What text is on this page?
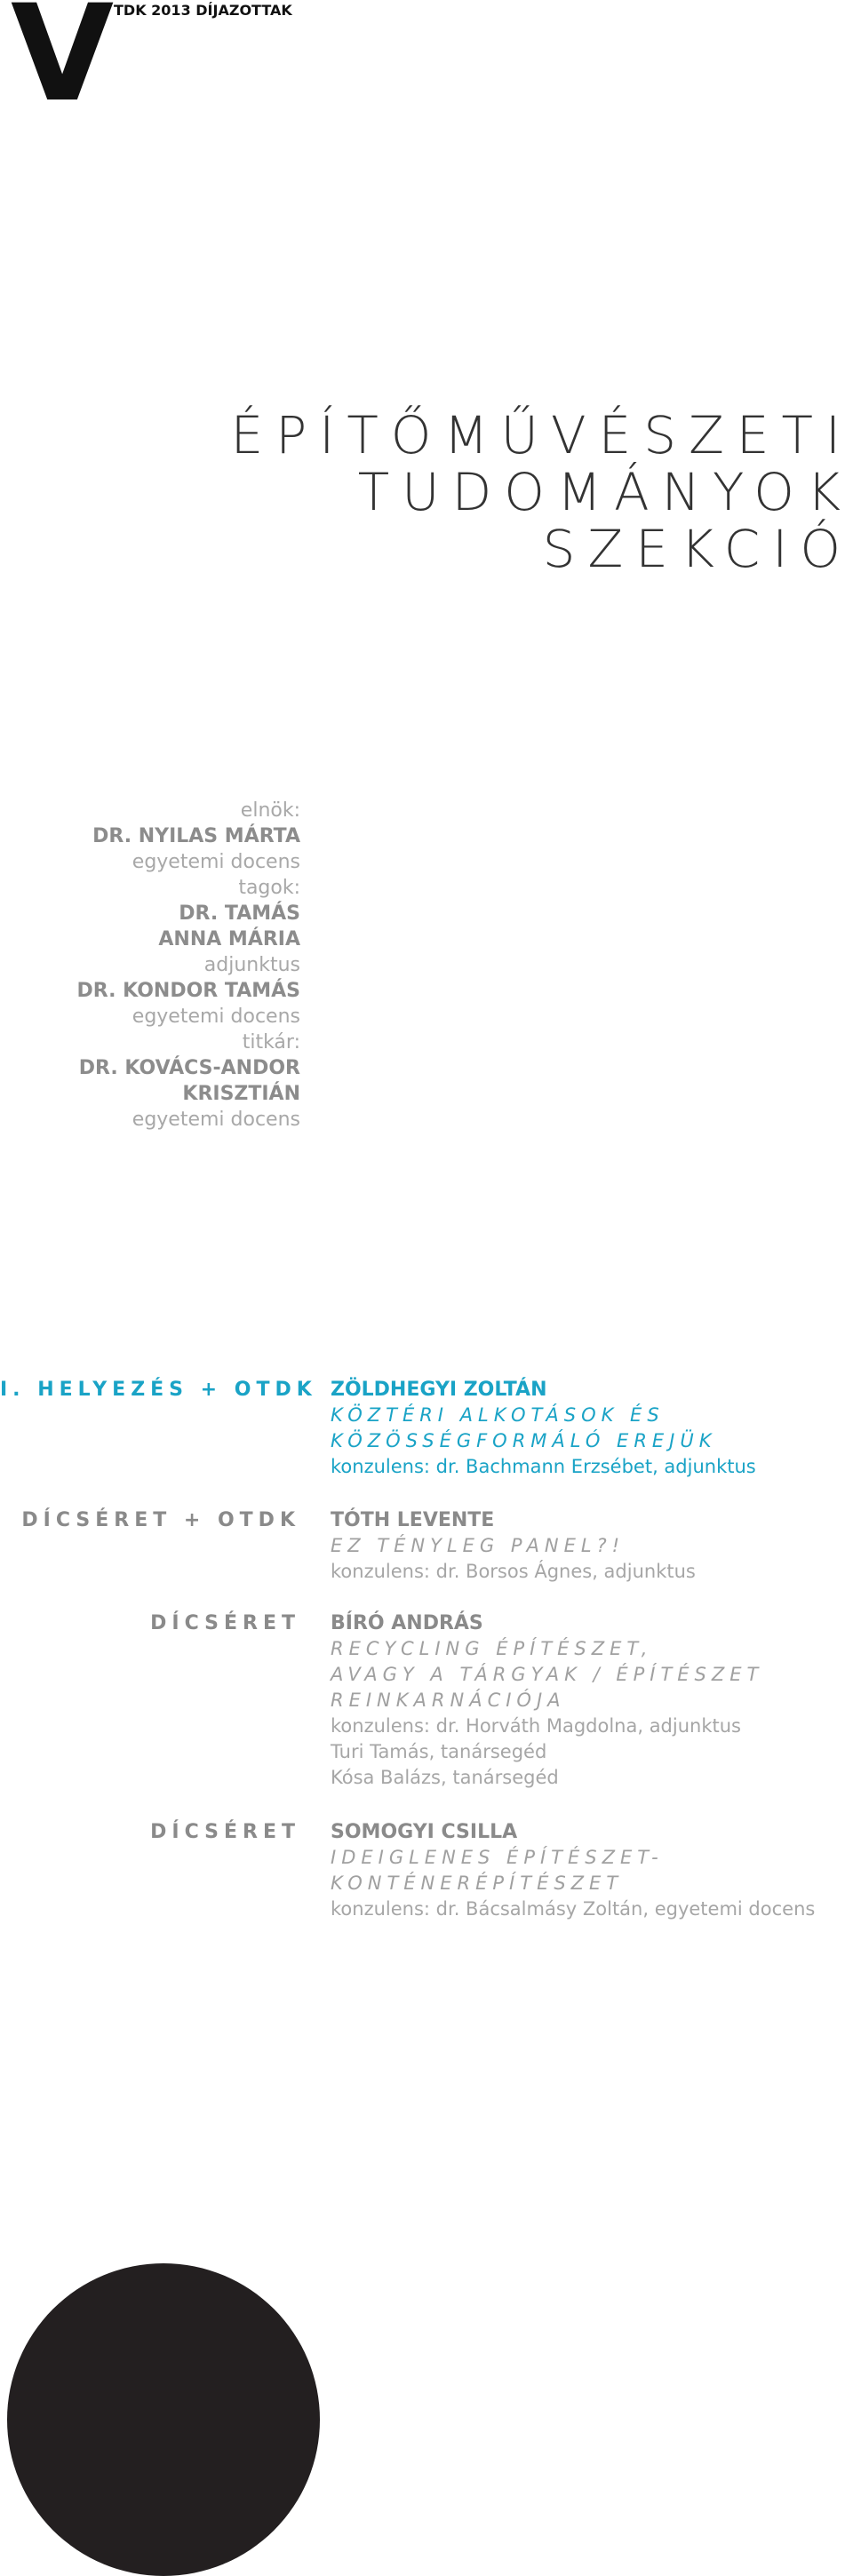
V TDK 2013 DÍJAZOTTAK
ÉPÍTŐMŰVÉSZETI
TUDOMÁNYOK
SZEKCIÓ
elnök:
DR. NYILAS MÁRTA
egyetemi docens
tagok:
DR. TAMÁS
ANNA MÁRIA
adjunktus
DR. KONDOR TAMÁS
egyetemi docens
titkár:
DR. KOVÁCS-ANDOR
KRISZTIÁN
egyetemi docens
I. HELYEZÉS + OTDK ZÖLDHEGYI ZOLTÁN
KÖZTÉRI ALKOTÁSOK ÉS
KÖZÖSSÉGFORMÁLÓ EREJÜK
konzulens: dr. Bachmann Erzsébet, adjunktus
DÍCSÉRET + OTDK TÓTH LEVENTE
EZ TÉNYLEG PANEL?!
konzulens: dr. Borsos Ágnes, adjunktus
DÍCSÉRET BÍRÓ ANDRÁS
RECYCLING ÉPÍTÉSZET,
AVAGY A TÁRGYAK / ÉPÍTÉSZET
REINKARNÁCIÓJA
konzulens: dr. Horváth Magdolna, adjunktus
Turi Tamás, tanársegéd
Kósa Balázs, tanársegéd
DÍCSÉRET SOMOGYI CSILLA
IDEIGLENES ÉPÍTÉSZET-
KONTÉNERÉPÍTÉSZET
konzulens: dr. Bácsalmásy Zoltán, egyetemi docens
